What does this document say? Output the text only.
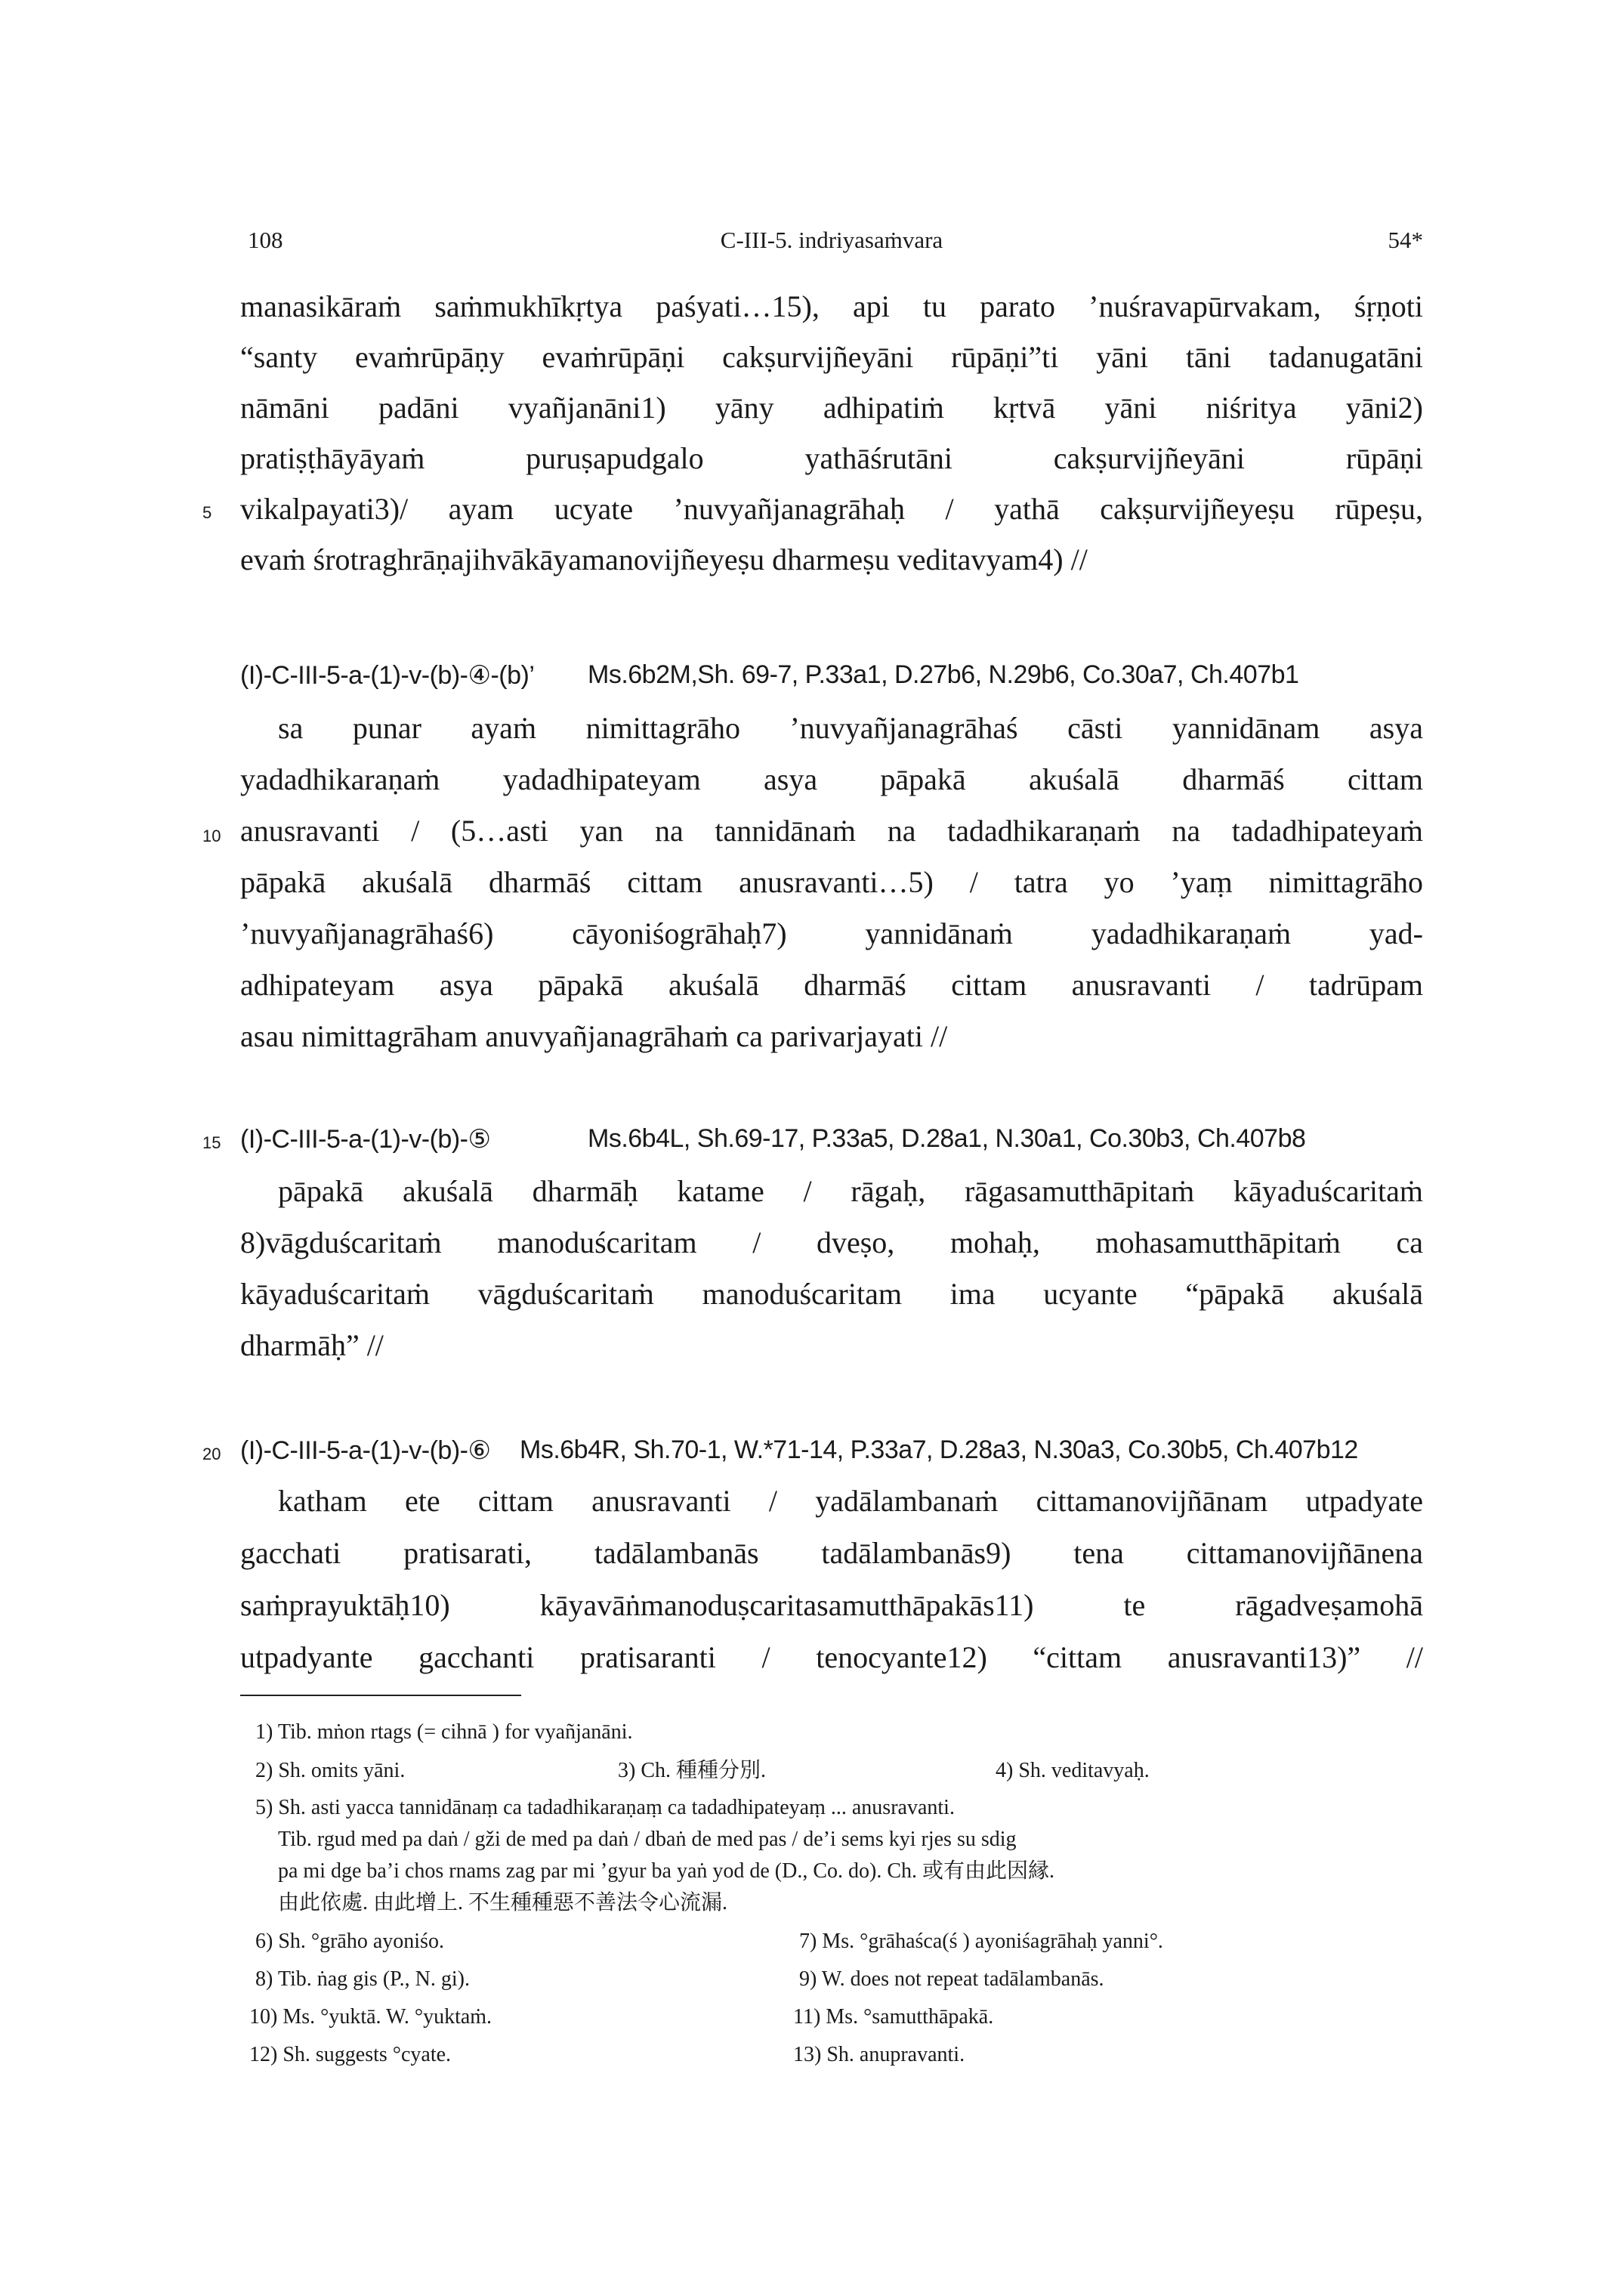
108	C-III-5. indriyasaṁvara	54*
manasikāraṁ saṁmukhīkṛtya paśyati…15), api tu parato ’nuśravapūrvakam, śṛṇoti
“santy evaṁrūpāṇy evaṁrūpāṇi cakṣurvijñeyāni rūpāṇi”ti yāni tāni tadanugatāni
nāmāni padāni vyañjanāni1) yāny adhipatiṁ kṛtvā yāni niśritya yāni2)
pratiṣṭhāyāyaṁ puruṣapudgalo yathāśrutāni cakṣurvijñeyāni rūpāṇi
vikalpayati3)/ ayam ucyate ’nuvyañjanagrāhaḥ / yathā cakṣurvijñeyeṣu rūpeṣu,
evaṁ śrotraghrāṇajihvākāyamanovijñeyeṣu dharmeṣu veditavyam4) //
5
(I)-C-III-5-a-(1)-v-(b)-④-(b)’ Ms.6b2M,Sh. 69-7, P.33a1, D.27b6, N.29b6, Co.30a7, Ch.407b1
sa punar ayaṁ nimittagrāho ’nuvyañjanagrāhaś cāsti yannidānam asya
yadadhikaraṇaṁ yadadhipateyam asya pāpakā akuśalā dharmāś cittam
anusravanti / (5…asti yan na tannidānaṁ na tadadhikaraṇaṁ na tadadhipateyaṁ
pāpakā akuśalā dharmāś cittam anusravanti…5) / tatra yo ’yaṃ nimittagrāho
’nuvyañjanagrāhaś6) cāyoniśogrāhaḥ7) yannidānaṁ yadadhikaraṇaṁ yad-
adhipateyam asya pāpakā akuśalā dharmāś cittam anusravanti / tadrūpam
asau nimittagrāham anuvyañjanagrāhaṁ ca parivarjayati //
10
(I)-C-III-5-a-(1)-v-(b)-⑤	Ms.6b4L, Sh.69-17, P.33a5, D.28a1, N.30a1, Co.30b3, Ch.407b8
15
pāpakā akuśalā dharmāḥ katame / rāgaḥ, rāgasamutthāpitaṁ kāyaduścaritaṁ
8)vāgduścaritaṁ manoduścaritam / dveṣo, mohaḥ, mohasamutthāpitaṁ ca
kāyaduścaritaṁ vāgduścaritaṁ manoduścaritam ima ucyante “pāpakā akuśalā
dharmāḥ” //
(I)-C-III-5-a-(1)-v-(b)-⑥ Ms.6b4R, Sh.70-1, W.*71-14, P.33a7, D.28a3, N.30a3, Co.30b5, Ch.407b12
20
katham ete cittam anusravanti / yadālambanaṁ cittamanovijñānam utpadyate
gacchati pratisarati, tadālambanās tadālambanās9) tena cittamanovijñānena
saṁprayuktāḥ10) kāyavāṅmanoduṣcaritasamutthāpakās11) te rāgadveṣamohā
utpadyante gacchanti pratisaranti / tenocyante12) “cittam anusravanti13)” //
1) Tib. mṅon rtags (= cihnā ) for vyañjanāni.
2) Sh. omits yāni.	3) Ch. 種種分別.	4) Sh. veditavyaḥ.
5) Sh. asti yacca tannidānaṃ ca tadadhikaraṇaṃ ca tadadhipateyaṃ ... anusravanti.
Tib. rgud med pa daṅ / gži de med pa daṅ / dbaṅ de med pas / de’i sems kyi rjes su sdig
pa mi dge ba’i chos rnams zag par mi ’gyur ba yaṅ yod de (D., Co. do). Ch. 或有由此因縁.
由此依處. 由此增上. 不生種種惡不善法令心流漏.
6) Sh. °grāho ayoniśo.	7) Ms. °grāhaśca(ś ) ayoniśagrāhaḥ yanni°.
8) Tib. ṅag gis (P., N. gi).	9) W. does not repeat tadālambanās.
10) Ms. °yuktā. W. °yuktaṁ.	11) Ms. °samutthāpakā.
12) Sh. suggests °cyate.	13) Sh. anupravanti.
